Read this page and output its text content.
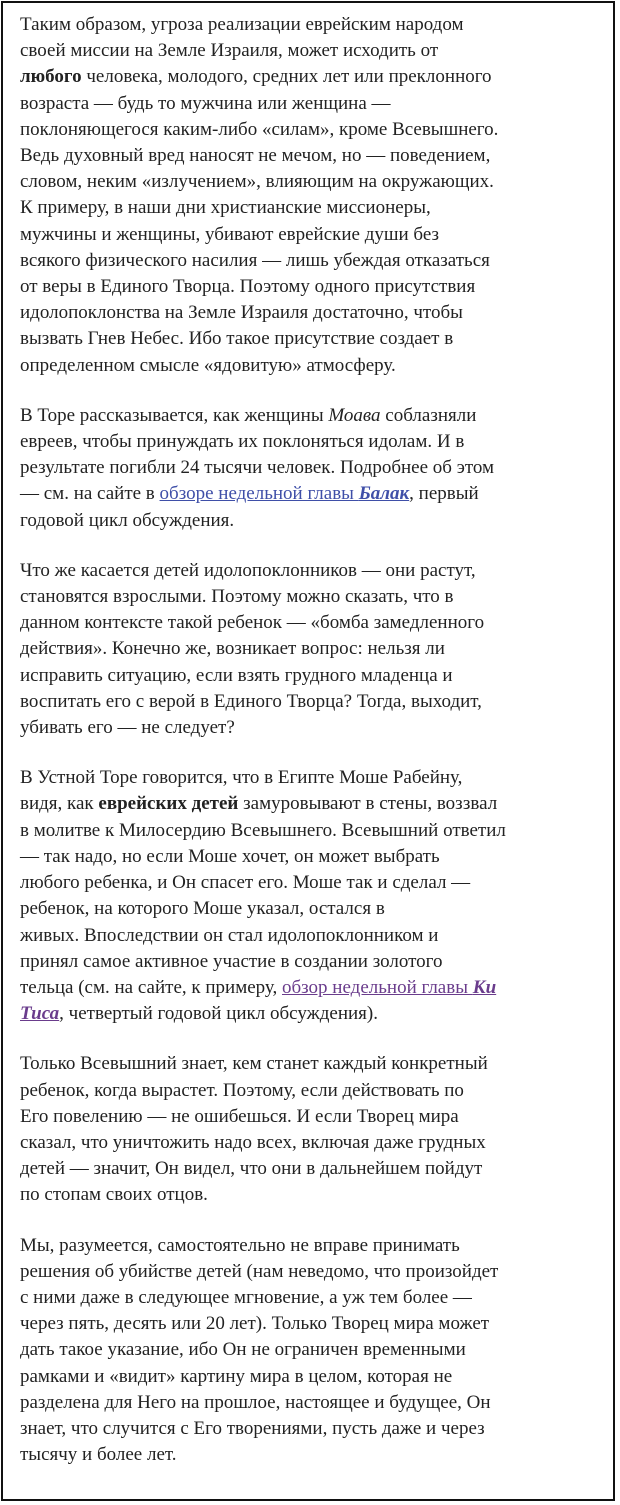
Таким образом, угроза реализации еврейским народом
своей миссии на Земле Израиля, может исходить от
любого человека, молодого, средних лет или преклонного
возраста — будь то мужчина или женщина —
поклоняющегося каким-либо «силам», кроме Всевышнего.
Ведь духовный вред наносят не мечом, но — поведением,
словом, неким «излучением», влияющим на окружающих.
К примеру, в наши дни христианские миссионеры,
мужчины и женщины, убивают еврейские души без
всякого физического насилия — лишь убеждая отказаться
от веры в Единого Творца. Поэтому одного присутствия
идолопоклонства на Земле Израиля достаточно, чтобы
вызвать Гнев Небес. Ибо такое присутствие создает в
определенном смысле «ядовитую» атмосферу.

В Торе рассказывается, как женщины Моава соблазняли
евреев, чтобы принуждать их поклоняться идолам. И в
результате погибли 24 тысячи человек. Подробнее об этом
— см. на сайте в обзоре недельной главы Балак, первый
годовой цикл обсуждения.

Что же касается детей идолопоклонников — они растут,
становятся взрослыми. Поэтому можно сказать, что в
данном контексте такой ребенок — «бомба замедленного
действия». Конечно же, возникает вопрос: нельзя ли
исправить ситуацию, если взять грудного младенца и
воспитать его с верой в Единого Творца? Тогда, выходит,
убивать его — не следует?

В Устной Торе говорится, что в Египте Моше Рабейну,
видя, как еврейских детей замуровывают в стены, воззвал
в молитве к Милосердию Всевышнего. Всевышний ответил
— так надо, но если Моше хочет, он может выбрать
любого ребенка, и Он спасет его. Моше так и сделал —
ребенок, на которого Моше указал, остался в
живых. Впоследствии он стал идолопоклонником и
принял самое активное участие в создании золотого
тельца (см. на сайте, к примеру, обзор недельной главы Ки
Тиса, четвертый годовой цикл обсуждения).

Только Всевышний знает, кем станет каждый конкретный
ребенок, когда вырастет. Поэтому, если действовать по
Его повелению — не ошибешься. И если Творец мира
сказал, что уничтожить надо всех, включая даже грудных
детей — значит, Он видел, что они в дальнейшем пойдут
по стопам своих отцов.

Мы, разумеется, самостоятельно не вправе принимать
решения об убийстве детей (нам неведомо, что произойдет
с ними даже в следующее мгновение, а уж тем более —
через пять, десять или 20 лет). Только Творец мира может
дать такое указание, ибо Он не ограничен временными
рамками и «видит» картину мира в целом, которая не
разделена для Него на прошлое, настоящее и будущее, Он
знает, что случится с Его творениями, пусть даже и через
тысячу и более лет.
